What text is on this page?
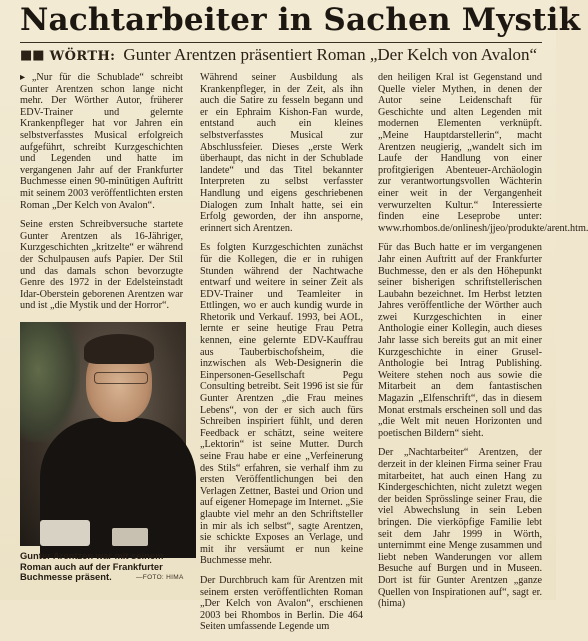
Nachtarbeiter in Sachen Mystik
■■ WÖRTH: Gunter Arentzen präsentiert Roman „Der Kelch von Avalon“

▸ „Nur für die Schublade“ schreibt Gunter Arentzen schon lange nicht mehr. Der Wörther Autor, früherer EDV-Trainer und gelernte Krankenpfleger hat vor Jahren ein selbstverfasstes Musical erfolgreich aufgeführt, schreibt Kurzgeschichten und Legenden und hatte im vergangenen Jahr auf der Frankfurter Buchmesse einen 90-minütigen Auftritt mit seinem 2003 veröffentlichten ersten Roman „Der Kelch von Avalon“.

Seine ersten Schreibversuche startete Gunter Arentzen als 16-Jähriger, Kurzgeschichten „kritzelte“ er während der Schulpausen aufs Papier. Der Stil und das damals schon bevorzugte Genre des 1972 in der Edelsteinstadt Idar-Oberstein geborenen Arentzen war und ist „die Mystik und der Horror“.

Gunter Arentzen war mit seinem Roman auch auf der Frankfurter Buchmesse präsent.	—FOTO: HIMA

Während seiner Ausbildung als Krankenpfleger, in der Zeit, als ihn auch die Satire zu fesseln begann und er ein Ephraim Kishon-Fan wurde, entstand auch ein kleines selbstverfasstes Musical zur Abschlussfeier. Dieses „erste Werk überhaupt, das nicht in der Schublade landete“ und das Titel bekannter Interpreten zu selbst verfasster Handlung und eigens geschriebenen Dialogen zum Inhalt hatte, sei ein Erfolg geworden, der ihn ansporne, erinnert sich Arentzen.

Es folgten Kurzgeschichten zunächst für die Kollegen, die er in ruhigen Stunden während der Nachtwache entwarf und weitere in seiner Zeit als EDV-Trainer und Teamleiter in Ettlingen, wo er auch kundig wurde in Rhetorik und Verkauf. 1993, bei AOL, lernte er seine heutige Frau Petra kennen, eine gelernte EDV-Kauffrau aus Tauberbischofsheim, die inzwischen als Web-Designerin die Einpersonen-Gesellschaft Pegu Consulting betreibt. Seit 1996 ist sie für Gunter Arentzen „die Frau meines Lebens“, von der er sich auch fürs Schreiben inspiriert fühlt, und deren Feedback er schätzt, seine weitere „Lektorin“ ist seine Mutter. Durch seine Frau habe er eine „Verfeinerung des Stils“ erfahren, sie verhalf ihm zu ersten Veröffentlichungen bei den Verlagen Zettner, Bastei und Orion und auf eigener Homepage im Internet. „Sie glaubte viel mehr an den Schriftsteller in mir als ich selbst“, sagte Arentzen, sie schickte Exposes an Verlage, und mit ihr versäumt er nun keine Buchmesse mehr.

Der Durchbruch kam für Arentzen mit seinem ersten veröffentlichten Roman „Der Kelch von Avalon“, erschienen 2003 bei Rhombos in Berlin. Die 464 Seiten umfassende Legende um

den heiligen Kral ist Gegenstand und Quelle vieler Mythen, in denen der Autor seine Leidenschaft für Geschichte und alten Legenden mit modernen Elementen verknüpft. „Meine Hauptdarstellerin“, macht Arentzen neugierig, „wandelt sich im Laufe der Handlung von einer profitgierigen Abenteuer-Archäologin zur verantwortungsvollen Wächterin einer weit in der Vergangenheit verwurzelten Kultur.“ Interessierte finden eine Leseprobe unter: www.rhombos.de/onlinesh/jjeo/produkte/arent.htm.

Für das Buch hatte er im vergangenen Jahr einen Auftritt auf der Frankfurter Buchmesse, den er als den Höhepunkt seiner bisherigen schriftstellerischen Laubahn bezeichnet. Im Herbst letzten Jahres veröffentliche der Wörther auch zwei Kurzgeschichten in einer Anthologie einer Kollegin, auch dieses Jahr lasse sich bereits gut an mit einer Kurzgeschichte in einer Grusel-Anthologie bei Intrag Publishing. Weitere stehen noch aus sowie die Mitarbeit an dem fantastischen Magazin „Elfenschrift“, das in diesem Monat erstmals erscheinen soll und das „die Welt mit neuen Horizonten und poetischen Bildern“ sieht.

Der „Nachtarbeiter“ Arentzen, der derzeit in der kleinen Firma seiner Frau mitarbeitet, hat auch einen Hang zu Kindergeschichten, nicht zuletzt wegen der beiden Sprösslinge seiner Frau, die viel Abwechslung in sein Leben bringen. Die vierköpfige Familie lebt seit dem Jahr 1999 in Wörth, unternimmt eine Menge zusammen und liebt neben Wanderungen vor allem Besuche auf Burgen und in Museen. Dort ist für Gunter Arentzen „ganze Quellen von Inspirationen auf“, sagt er. (hima)
